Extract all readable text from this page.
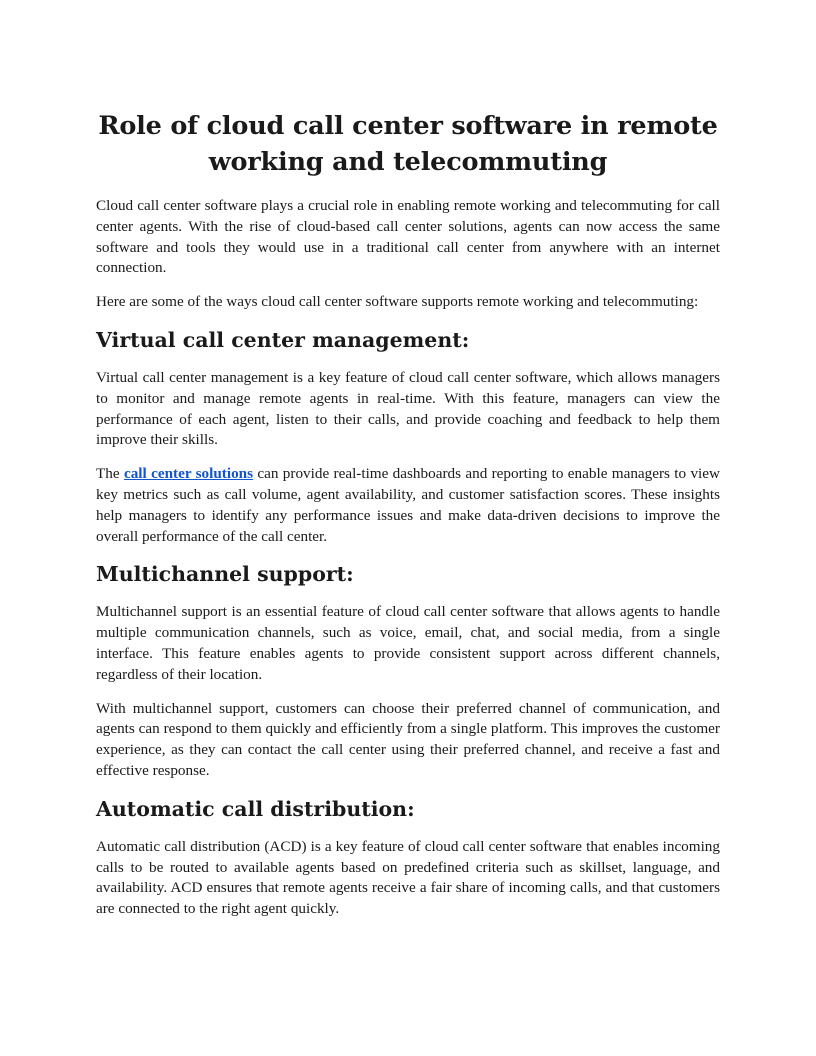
Role of cloud call center software in remote working and telecommuting

Cloud call center software plays a crucial role in enabling remote working and telecommuting for call center agents. With the rise of cloud-based call center solutions, agents can now access the same software and tools they would use in a traditional call center from anywhere with an internet connection.

Here are some of the ways cloud call center software supports remote working and telecommuting:

Virtual call center management:

Virtual call center management is a key feature of cloud call center software, which allows managers to monitor and manage remote agents in real-time. With this feature, managers can view the performance of each agent, listen to their calls, and provide coaching and feedback to help them improve their skills.

The call center solutions can provide real-time dashboards and reporting to enable managers to view key metrics such as call volume, agent availability, and customer satisfaction scores. These insights help managers to identify any performance issues and make data-driven decisions to improve the overall performance of the call center.

Multichannel support:

Multichannel support is an essential feature of cloud call center software that allows agents to handle multiple communication channels, such as voice, email, chat, and social media, from a single interface. This feature enables agents to provide consistent support across different channels, regardless of their location.

With multichannel support, customers can choose their preferred channel of communication, and agents can respond to them quickly and efficiently from a single platform. This improves the customer experience, as they can contact the call center using their preferred channel, and receive a fast and effective response.

Automatic call distribution:

Automatic call distribution (ACD) is a key feature of cloud call center software that enables incoming calls to be routed to available agents based on predefined criteria such as skillset, language, and availability. ACD ensures that remote agents receive a fair share of incoming calls, and that customers are connected to the right agent quickly.
